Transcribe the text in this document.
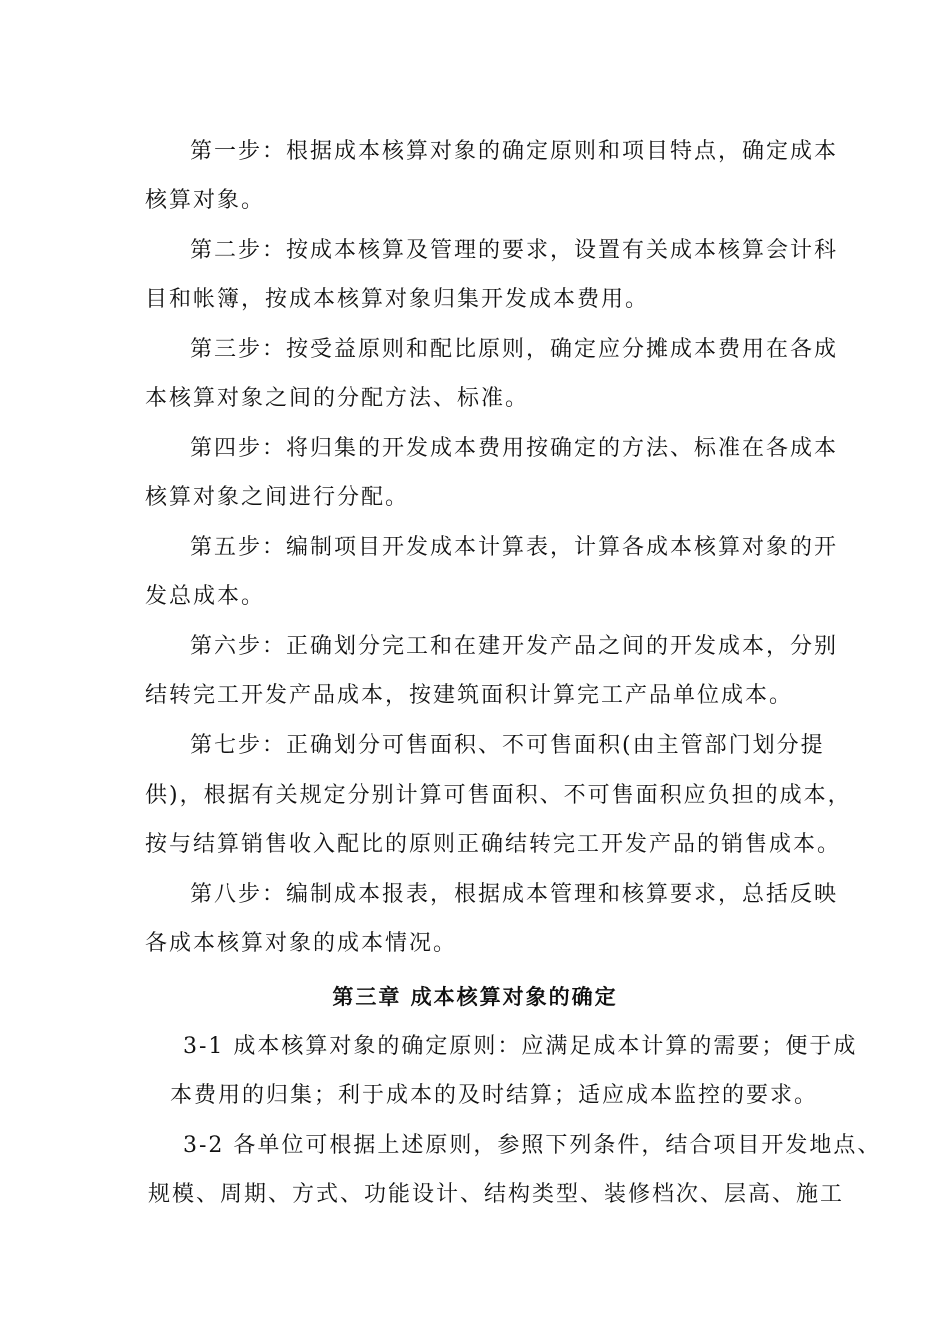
第一步：根据成本核算对象的确定原则和项目特点，确定成本
核算对象。
第二步：按成本核算及管理的要求，设置有关成本核算会计科
目和帐簿，按成本核算对象归集开发成本费用。
第三步：按受益原则和配比原则，确定应分摊成本费用在各成
本核算对象之间的分配方法、标准。
第四步：将归集的开发成本费用按确定的方法、标准在各成本
核算对象之间进行分配。
第五步：编制项目开发成本计算表，计算各成本核算对象的开
发总成本。
第六步：正确划分完工和在建开发产品之间的开发成本，分别
结转完工开发产品成本，按建筑面积计算完工产品单位成本。
第七步：正确划分可售面积、不可售面积(由主管部门划分提
供)，根据有关规定分别计算可售面积、不可售面积应负担的成本，
按与结算销售收入配比的原则正确结转完工开发产品的销售成本。
第八步：编制成本报表，根据成本管理和核算要求，总括反映
各成本核算对象的成本情况。
第三章 成本核算对象的确定
3-1 成本核算对象的确定原则：应满足成本计算的需要；便于成
本费用的归集；利于成本的及时结算；适应成本监控的要求。
3-2 各单位可根据上述原则，参照下列条件，结合项目开发地点、
规模、周期、方式、功能设计、结构类型、装修档次、层高、施工
